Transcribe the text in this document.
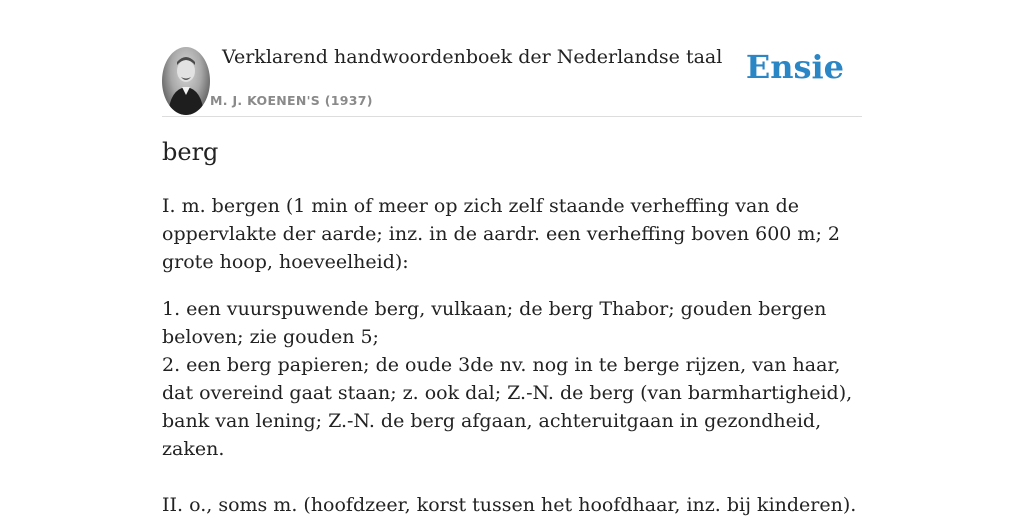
Verklarend handwoordenboek der Nederlandse taal
M. J. KOENEN'S (1937)
Ensie
berg

I. m. bergen (1 min of meer op zich zelf staande verheffing van de oppervlakte der aarde; inz. in de aardr. een verheffing boven 600 m; 2 grote hoop, hoeveelheid):

1. een vuurspuwende berg, vulkaan; de berg Thabor; gouden bergen beloven; zie gouden 5;

2. een berg papieren; de oude 3de nv. nog in te berge rijzen, van haar, dat overeind gaat staan; z. ook dal; Z.-N. de berg (van barmhartigheid), bank van lening; Z.-N. de berg afgaan, achteruitgaan in gezondheid, zaken.

II. o., soms m. (hoofdzeer, korst tussen het hoofdhaar, inz. bij kinderen).
